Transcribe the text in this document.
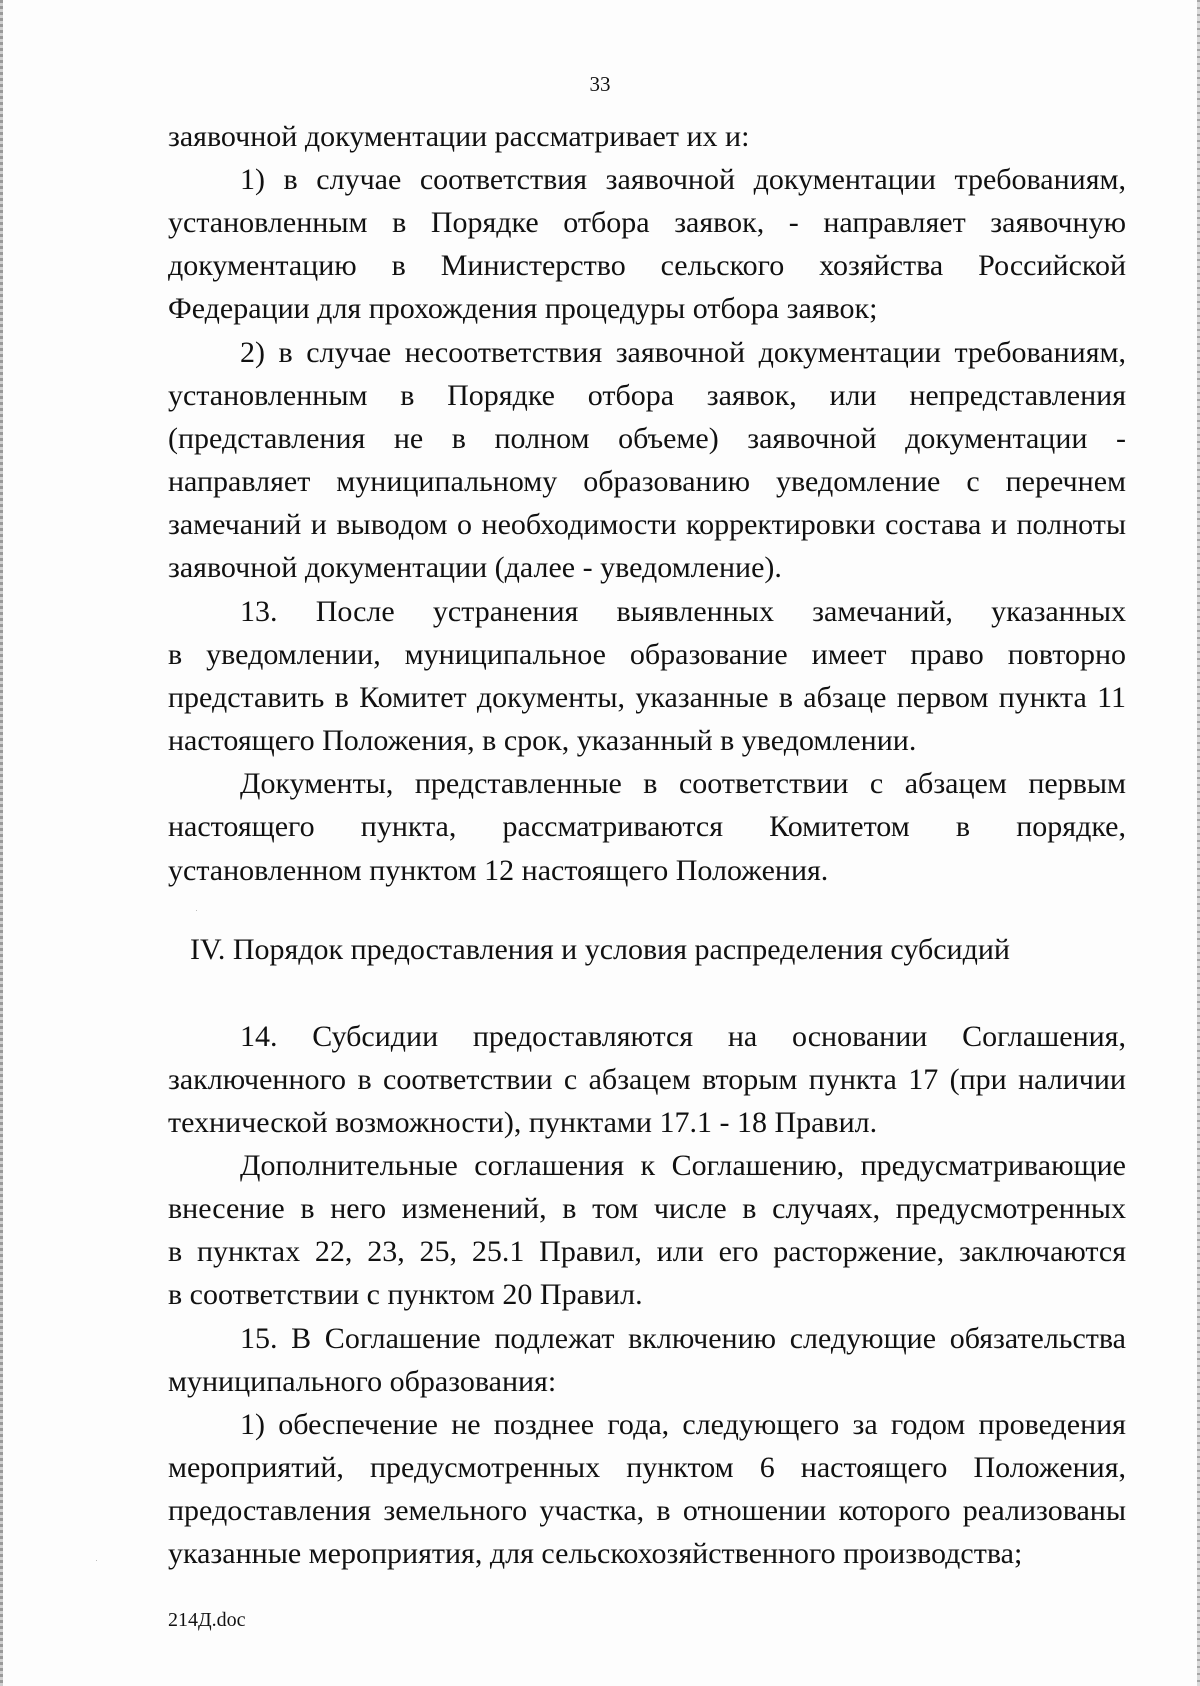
33
заявочной документации рассматривает их и:
1) в случае соответствия заявочной документации требованиям,
установленным в Порядке отбора заявок, - направляет заявочную
документацию в Министерство сельского хозяйства Российской
Федерации для прохождения процедуры отбора заявок;
2) в случае несоответствия заявочной документации требованиям,
установленным в Порядке отбора заявок, или непредставления
(представления не в полном объеме) заявочной документации -
направляет муниципальному образованию уведомление с перечнем
замечаний и выводом о необходимости корректировки состава и полноты
заявочной документации (далее - уведомление).
13. После устранения выявленных замечаний, указанных
в уведомлении, муниципальное образование имеет право повторно
представить в Комитет документы, указанные в абзаце первом пункта 11
настоящего Положения, в срок, указанный в уведомлении.
Документы, представленные в соответствии с абзацем первым
настоящего пункта, рассматриваются Комитетом в порядке,
установленном пунктом 12 настоящего Положения.
IV. Порядок предоставления и условия распределения субсидий
14. Субсидии предоставляются на основании Соглашения,
заключенного в соответствии с абзацем вторым пункта 17 (при наличии
технической возможности), пунктами 17.1 - 18 Правил.
Дополнительные соглашения к Соглашению, предусматривающие
внесение в него изменений, в том числе в случаях, предусмотренных
в пунктах 22, 23, 25, 25.1 Правил, или его расторжение, заключаются
в соответствии с пунктом 20 Правил.
15. В Соглашение подлежат включению следующие обязательства
муниципального образования:
1) обеспечение не позднее года, следующего за годом проведения
мероприятий, предусмотренных пунктом 6 настоящего Положения,
предоставления земельного участка, в отношении которого реализованы
указанные мероприятия, для сельскохозяйственного производства;
214Д.doc
